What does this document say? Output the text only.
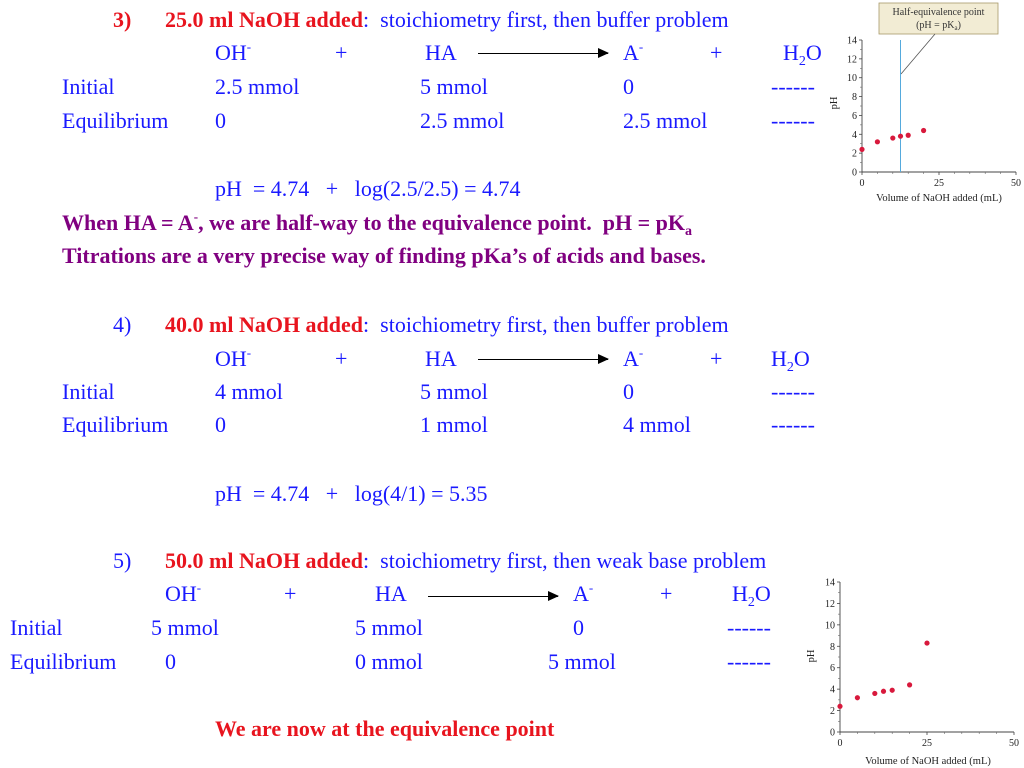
3) 25.0 ml NaOH added:  stoichiometry first, then buffer problem
OH-	+	HA	A-	+	$H_2O$
Initial	2.5 mmol	5 mmol	0	------
Equilibrium 0	2.5 mmol	2.5 mmol	------
pH  = 4.74   +   log(2.5/2.5) = 4.74
When HA = A-, we are half-way to the equivalence point.  pH = $pK_a$
Titrations are a very precise way of finding pKa’s of acids and bases.
4) 40.0 ml NaOH added:  stoichiometry first, then buffer problem
OH-	+	HA	A-	+ $H_2O$
Initial	4 mmol	5 mmol	0	------
Equilibrium 0	1 mmol	4 mmol	------
pH  = 4.74   +   log(4/1) = 5.35
5) 50.0 ml NaOH added:  stoichiometry first, then weak base problem
OH-	+	HA	A-	+	$H_2O$
Initial	5 mmol	5 mmol	0	------
Equilibrium 0	0 mmol	5 mmol	------
We are now at the equivalence point
Half-equivalence point
$(pH = pK_a)$
0
2
4
6
8
10
12
14
0	25	50
Volume of NaOH added (mL)
pH
0
2
4
6
8
10
12
14
0	25	50
Volume of NaOH added (mL)
pH
